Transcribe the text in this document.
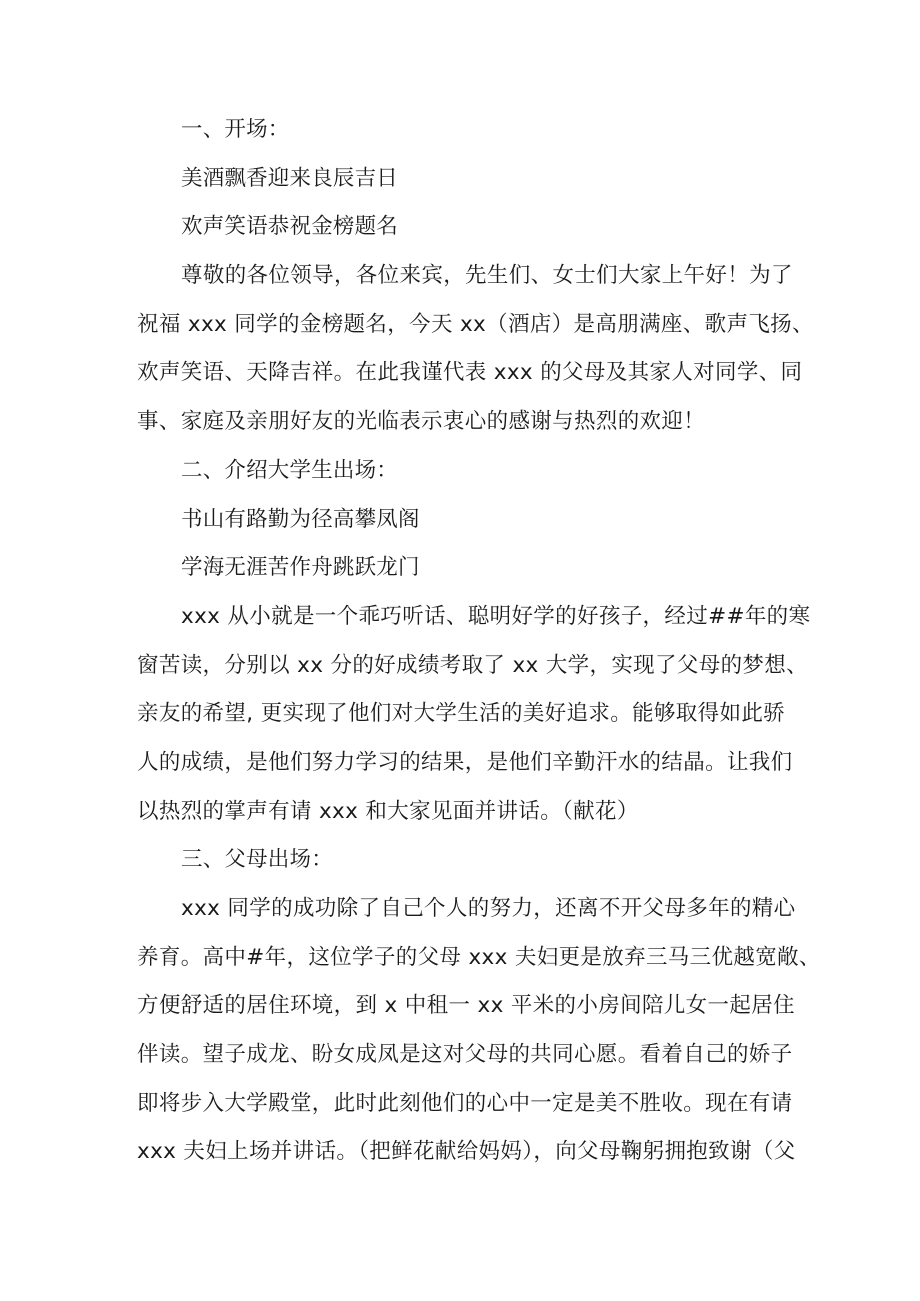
一、开场：
美酒飘香迎来良辰吉日
欢声笑语恭祝金榜题名
尊敬的各位领导，各位来宾，先生们、女士们大家上午好！为了
祝福 xxx 同学的金榜题名，今天 xx（酒店）是高朋满座、歌声飞扬、
欢声笑语、天降吉祥。在此我谨代表 xxx 的父母及其家人对同学、同
事、家庭及亲朋好友的光临表示衷心的感谢与热烈的欢迎！
二、介绍大学生出场：
书山有路勤为径高攀凤阁
学海无涯苦作舟跳跃龙门
xxx 从小就是一个乖巧听话、聪明好学的好孩子，经过##年的寒
窗苦读，分别以 xx 分的好成绩考取了 xx 大学，实现了父母的梦想、
亲友的希望, 更实现了他们对大学生活的美好追求。能够取得如此骄
人的成绩，是他们努力学习的结果，是他们辛勤汗水的结晶。让我们
以热烈的掌声有请 xxx 和大家见面并讲话。（献花）
三、父母出场：
xxx 同学的成功除了自己个人的努力，还离不开父母多年的精心
养育。高中#年，这位学子的父母 xxx 夫妇更是放弃三马三优越宽敞、
方便舒适的居住环境，到 x 中租一 xx 平米的小房间陪儿女一起居住
伴读。望子成龙、盼女成凤是这对父母的共同心愿。看着自己的娇子
即将步入大学殿堂，此时此刻他们的心中一定是美不胜收。现在有请
xxx 夫妇上场并讲话。（把鲜花献给妈妈），向父母鞠躬拥抱致谢（父
